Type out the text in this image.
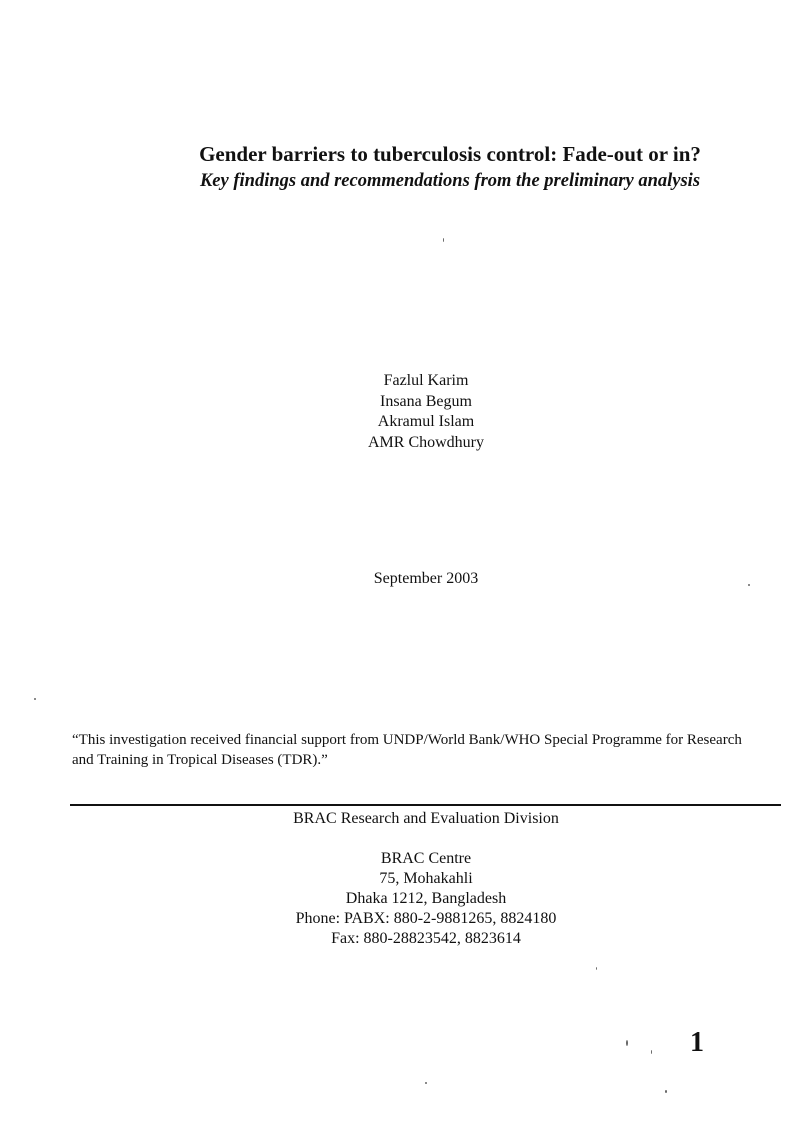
Gender barriers to tuberculosis control: Fade-out or in?
Key findings and recommendations from the preliminary analysis
Fazlul Karim
Insana Begum
Akramul Islam
AMR Chowdhury
September 2003
“This investigation received financial support from UNDP/World Bank/WHO Special Programme for Research and Training in Tropical Diseases (TDR).”
BRAC Research and Evaluation Division
BRAC Centre
75, Mohakahli
Dhaka 1212, Bangladesh
Phone: PABX: 880-2-9881265, 8824180
Fax: 880-28823542, 8823614
1
